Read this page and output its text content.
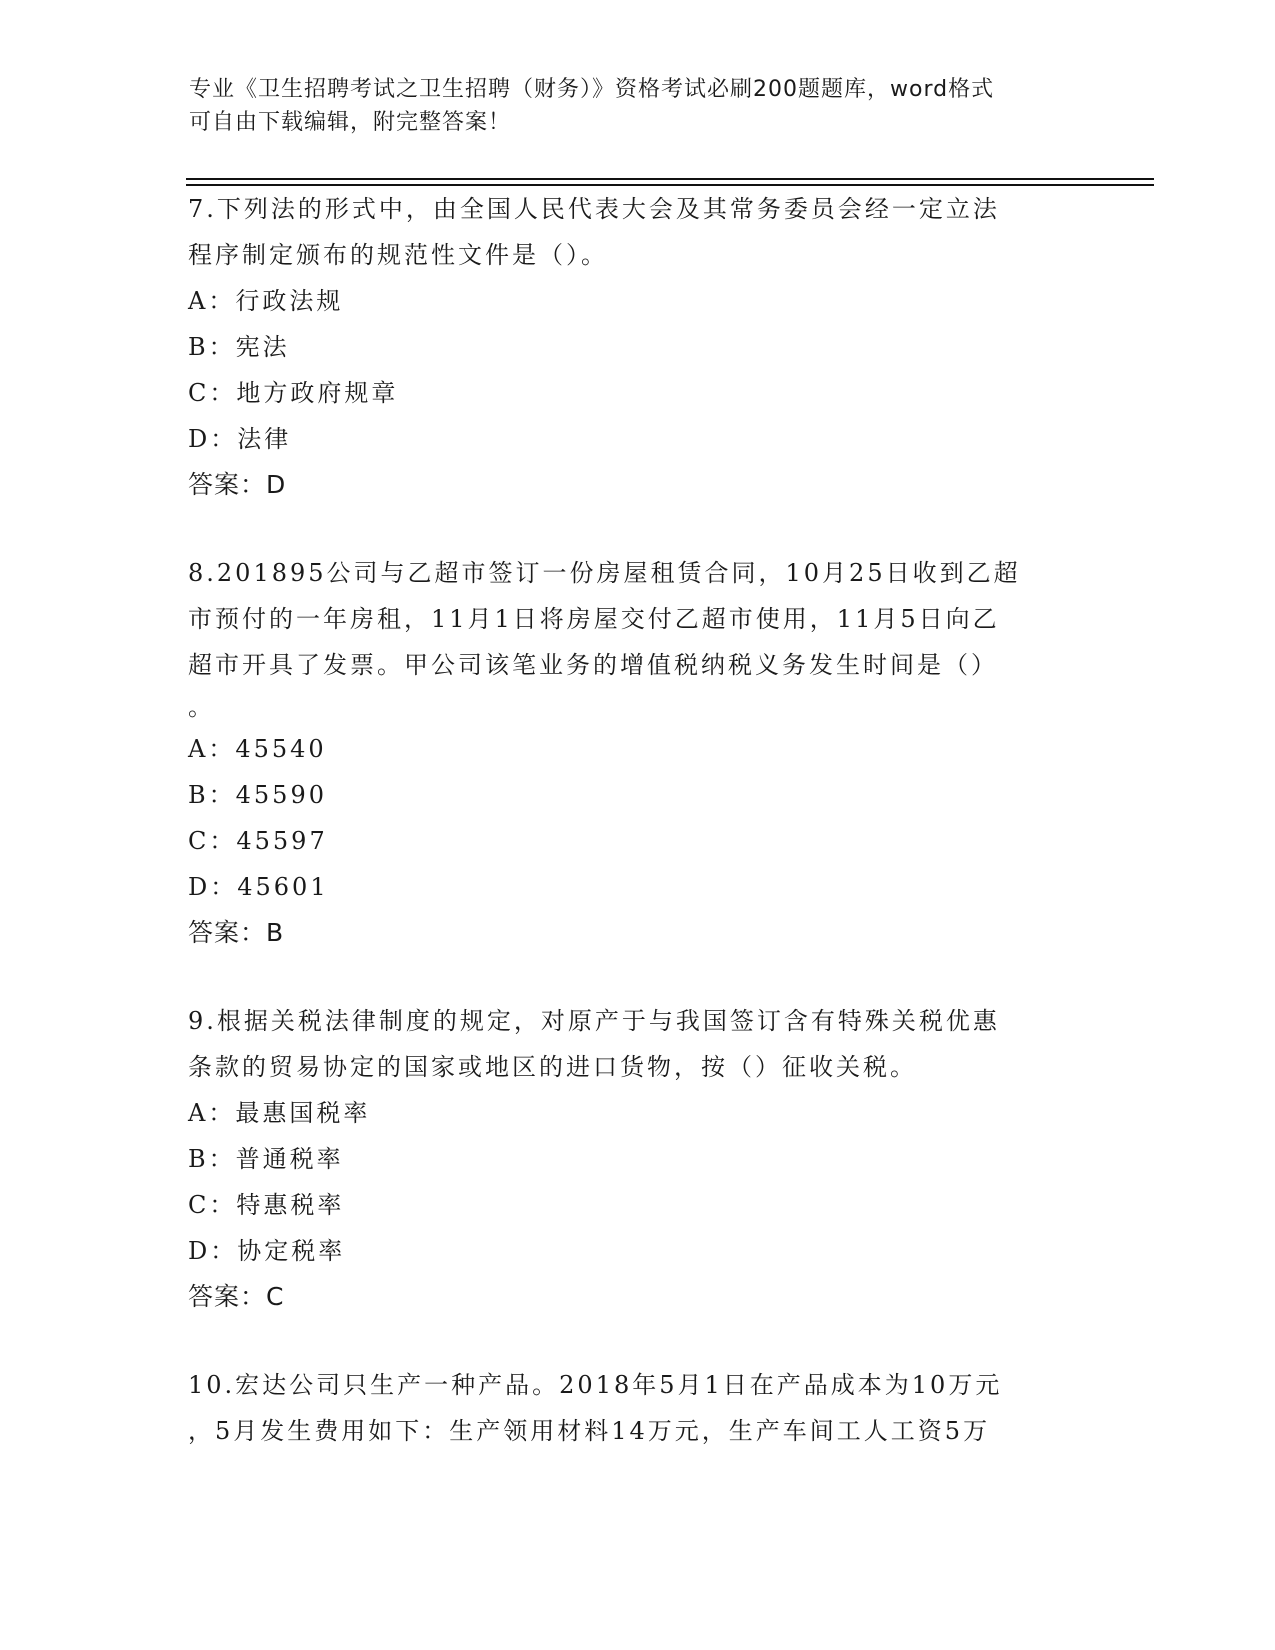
专业《卫生招聘考试之卫生招聘（财务）》资格考试必刷200题题库，word格式
可自由下载编辑，附完整答案！
7.下列法的形式中，由全国人民代表大会及其常务委员会经一定立法
程序制定颁布的规范性文件是（）。
A：行政法规
B：宪法
C：地方政府规章
D：法律
答案：D
8.201895公司与乙超市签订一份房屋租赁合同，10月25日收到乙超
市预付的一年房租，11月1日将房屋交付乙超市使用，11月5日向乙
超市开具了发票。甲公司该笔业务的增值税纳税义务发生时间是（）
。
A：45540
B：45590
C：45597
D：45601
答案：B
9.根据关税法律制度的规定，对原产于与我国签订含有特殊关税优惠
条款的贸易协定的国家或地区的进口货物，按（）征收关税。
A：最惠国税率
B：普通税率
C：特惠税率
D：协定税率
答案：C
10.宏达公司只生产一种产品。2018年5月1日在产品成本为10万元
，5月发生费用如下：生产领用材料14万元，生产车间工人工资5万
